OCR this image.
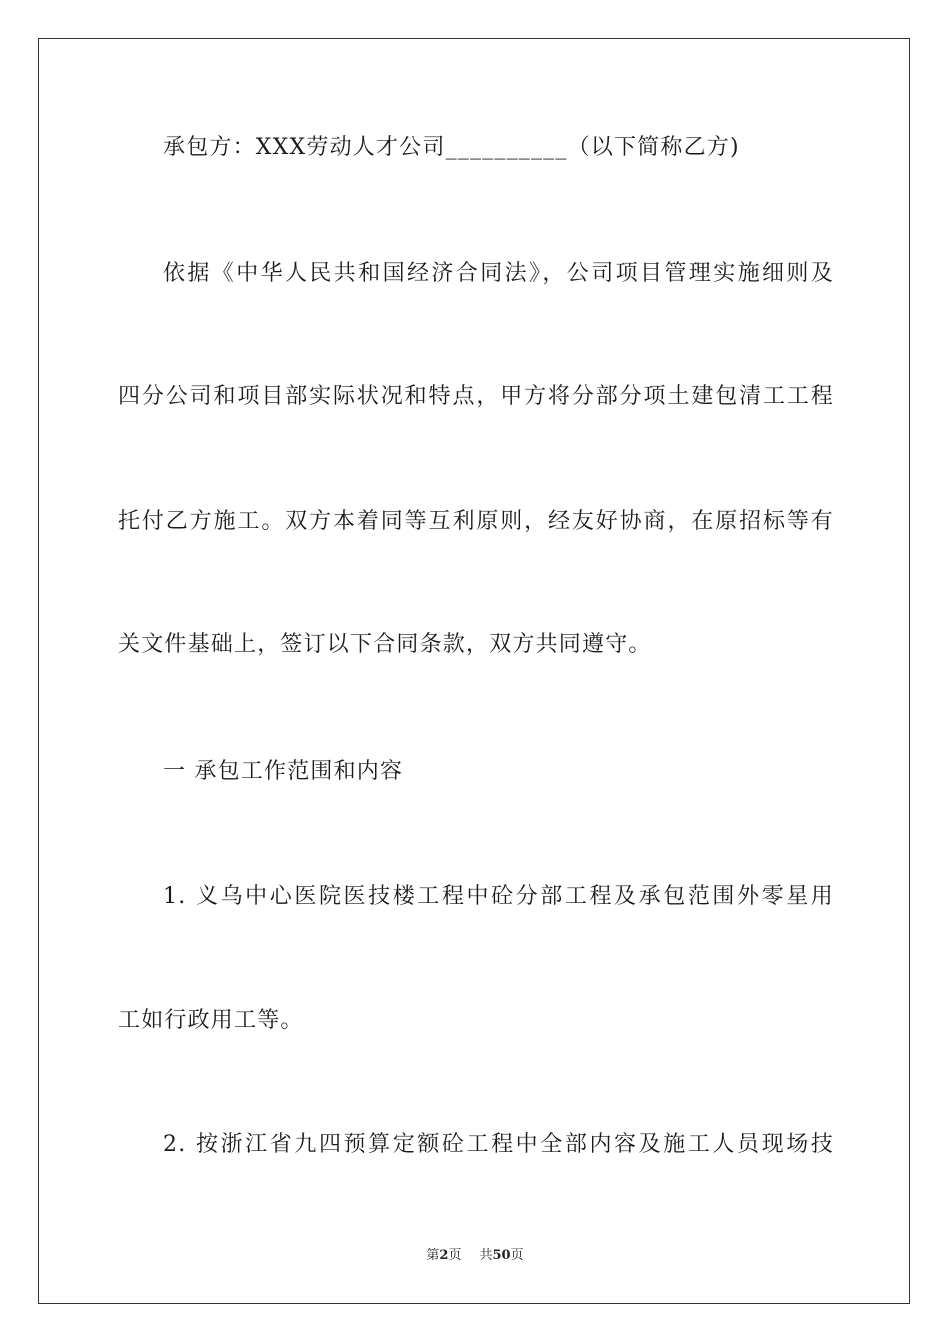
承包方：XXX劳动人才公司__________（以下简称乙方)
依据《中华人民共和国经济合同法》，公司项目管理实施细则及
四分公司和项目部实际状况和特点，甲方将分部分项土建包清工工程
托付乙方施工。双方本着同等互利原则，经友好协商，在原招标等有
关文件基础上，签订以下合同条款，双方共同遵守。
一 承包工作范围和内容
1. 义乌中心医院医技楼工程中砼分部工程及承包范围外零星用
工如行政用工等。
2. 按浙江省九四预算定额砼工程中全部内容及施工人员现场技
第2页 共50页
